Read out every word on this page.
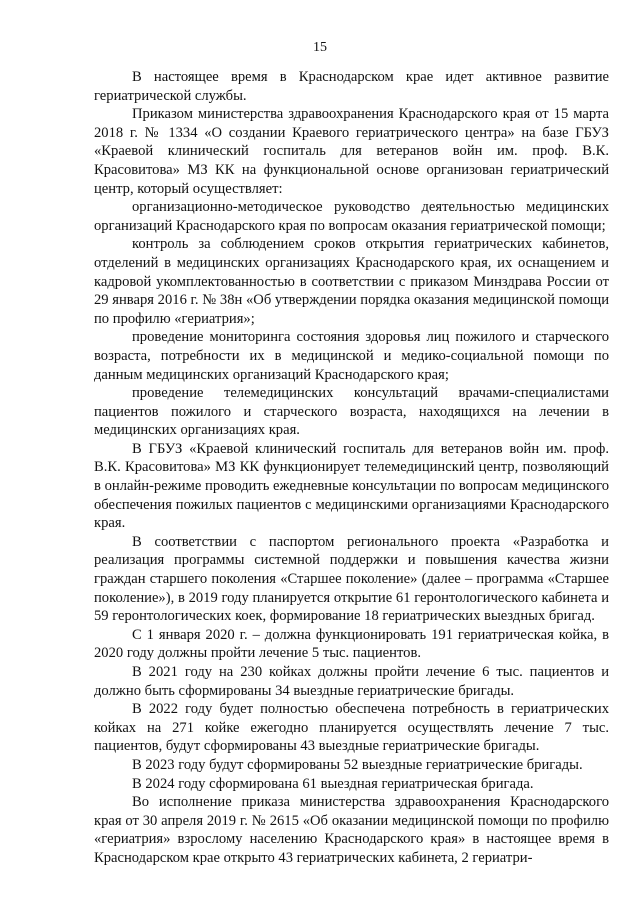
15

В настоящее время в Краснодарском крае идет активное развитие гериатрической службы.

Приказом министерства здравоохранения Краснодарского края от 15 марта 2018 г. № 1334 «О создании Краевого гериатрического центра» на базе ГБУЗ «Краевой клинический госпиталь для ветеранов войн им. проф. В.К. Красовитова» МЗ КК на функциональной основе организован гериатрический центр, который осуществляет:

организационно-методическое руководство деятельностью медицинских организаций Краснодарского края по вопросам оказания гериатрической помощи;

контроль за соблюдением сроков открытия гериатрических кабинетов, отделений в медицинских организациях Краснодарского края, их оснащением и кадровой укомплектованностью в соответствии с приказом Минздрава России от 29 января 2016 г. № 38н «Об утверждении порядка оказания медицинской помощи по профилю «гериатрия»;

проведение мониторинга состояния здоровья лиц пожилого и старческого возраста, потребности их в медицинской и медико-социальной помощи по данным медицинских организаций Краснодарского края;

проведение телемедицинских консультаций врачами-специалистами пациентов пожилого и старческого возраста, находящихся на лечении в медицинских организациях края.

В ГБУЗ «Краевой клинический госпиталь для ветеранов войн им. проф. В.К. Красовитова» МЗ КК функционирует телемедицинский центр, позволяющий в онлайн-режиме проводить ежедневные консультации по вопросам медицинского обеспечения пожилых пациентов с медицинскими организациями Краснодарского края.

В соответствии с паспортом регионального проекта «Разработка и реализация программы системной поддержки и повышения качества жизни граждан старшего поколения «Старшее поколение» (далее – программа «Старшее поколение»), в 2019 году планируется открытие 61 геронтологического кабинета и 59 геронтологических коек, формирование 18 гериатрических выездных бригад.

С 1 января 2020 г. – должна функционировать 191 гериатрическая койка, в 2020 году должны пройти лечение 5 тыс. пациентов.

В 2021 году на 230 койках должны пройти лечение 6 тыс. пациентов и должно быть сформированы 34 выездные гериатрические бригады.

В 2022 году будет полностью обеспечена потребность в гериатрических койках на 271 койке ежегодно планируется осуществлять лечение 7 тыс. пациентов, будут сформированы 43 выездные гериатрические бригады.

В 2023 году будут сформированы 52 выездные гериатрические бригады.

В 2024 году сформирована 61 выездная гериатрическая бригада.

Во исполнение приказа министерства здравоохранения Краснодарского края от 30 апреля 2019 г. № 2615 «Об оказании медицинской помощи по профилю «гериатрия» взрослому населению Краснодарского края» в настоящее время в Краснодарском крае открыто 43 гериатрических кабинета, 2 гериатри-
